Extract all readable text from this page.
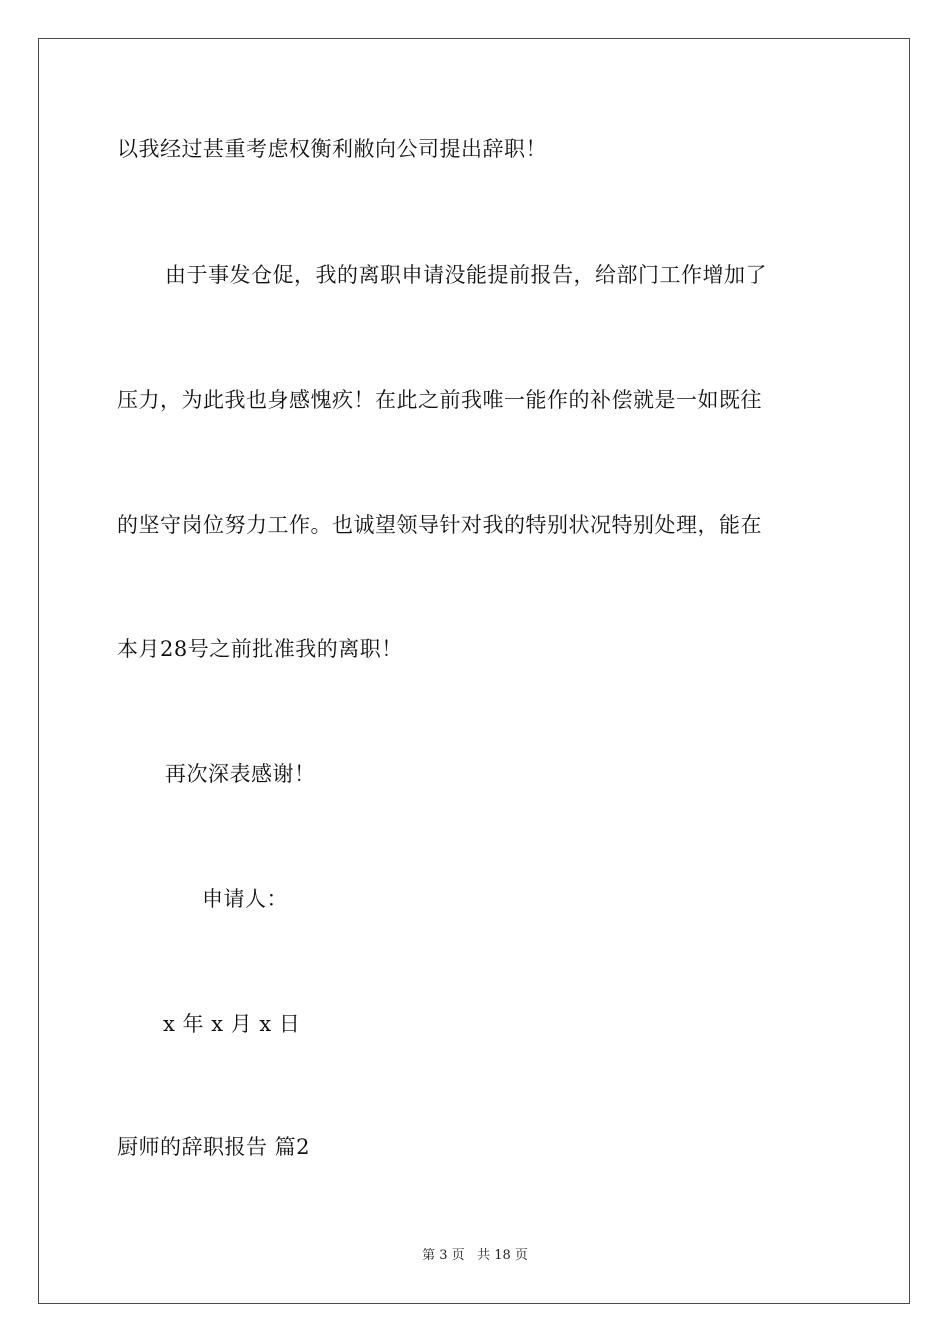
以我经过甚重考虑权衡利敝向公司提出辞职！
由于事发仓促，我的离职申请没能提前报告，给部门工作增加了
压力，为此我也身感愧疚！在此之前我唯一能作的补偿就是一如既往
的坚守岗位努力工作。也诚望领导针对我的特别状况特别处理，能在
本月28号之前批准我的离职！
再次深表感谢！
申请人：
x 年 x 月 x 日
厨师的辞职报告 篇2
第 3 页   共 18 页
